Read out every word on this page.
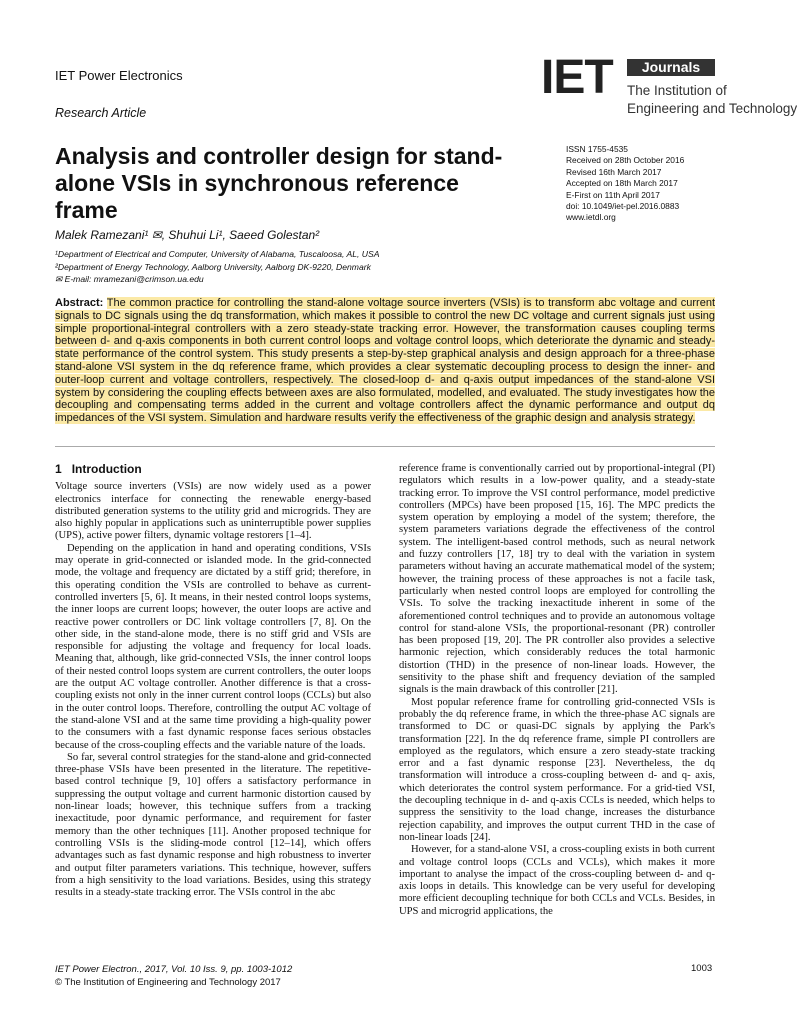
IET Power Electronics
Research Article
IET	Journals
The Institution of
Engineering and Technology
Analysis and controller design for stand-alone VSIs in synchronous reference frame
ISSN 1755-4535
Received on 28th October 2016
Revised 16th March 2017
Accepted on 18th March 2017
E-First on 11th April 2017
doi: 10.1049/iet-pel.2016.0883
www.ietdl.org
Malek Ramezani¹ ✉, Shuhui Li¹, Saeed Golestan²
¹Department of Electrical and Computer, University of Alabama, Tuscaloosa, AL, USA
²Department of Energy Technology, Aalborg University, Aalborg DK-9220, Denmark
✉ E-mail: mramezani@crimson.ua.edu
Abstract: The common practice for controlling the stand-alone voltage source inverters (VSIs) is to transform abc voltage and current signals to DC signals using the dq transformation, which makes it possible to control the new DC voltage and current signals just using simple proportional-integral controllers with a zero steady-state tracking error. However, the transformation causes coupling terms between d- and q-axis components in both current control loops and voltage control loops, which deteriorate the dynamic and steady-state performance of the control system. This study presents a step-by-step graphical analysis and design approach for a three-phase stand-alone VSI system in the dq reference frame, which provides a clear systematic decoupling process to design the inner- and outer-loop current and voltage controllers, respectively. The closed-loop d- and q-axis output impedances of the stand-alone VSI system by considering the coupling effects between axes are also formulated, modelled, and evaluated. The study investigates how the decoupling and compensating terms added in the current and voltage controllers affect the dynamic performance and output dq impedances of the VSI system. Simulation and hardware results verify the effectiveness of the graphic design and analysis strategy.
1 Introduction

Voltage source inverters (VSIs) are now widely used as a power electronics interface for connecting the renewable energy-based distributed generation systems to the utility grid and microgrids. They are also highly popular in applications such as uninterruptible power supplies (UPS), active power filters, dynamic voltage restorers [1–4].

Depending on the application in hand and operating conditions, VSIs may operate in grid-connected or islanded mode. In the grid-connected mode, the voltage and frequency are dictated by a stiff grid; therefore, in this operating condition the VSIs are controlled to behave as current-controlled inverters [5, 6]. It means, in their nested control loops systems, the inner loops are current loops; however, the outer loops are active and reactive power controllers or DC link voltage controllers [7, 8]. On the other side, in the stand-alone mode, there is no stiff grid and VSIs are responsible for adjusting the voltage and frequency for local loads. Meaning that, although, like grid-connected VSIs, the inner control loops of their nested control loops system are current controllers, the outer loops are the output AC voltage controller. Another difference is that a cross-coupling exists not only in the inner current control loops (CCLs) but also in the outer control loops. Therefore, controlling the output AC voltage of the stand-alone VSI and at the same time providing a high-quality power to the consumers with a fast dynamic response faces serious obstacles because of the cross-coupling effects and the variable nature of the loads.

So far, several control strategies for the stand-alone and grid-connected three-phase VSIs have been presented in the literature. The repetitive-based control technique [9, 10] offers a satisfactory performance in suppressing the output voltage and current harmonic distortion caused by non-linear loads; however, this technique suffers from a tracking inexactitude, poor dynamic performance, and requirement for faster memory than the other techniques [11]. Another proposed technique for controlling VSIs is the sliding-mode control [12–14], which offers advantages such as fast dynamic response and high robustness to inverter and output filter parameters variations. This technique, however, suffers from a high sensitivity to the load variations. Besides, using this strategy results in a steady-state tracking error. The VSIs control in the abc

reference frame is conventionally carried out by proportional-integral (PI) regulators which results in a low-power quality, and a steady-state tracking error. To improve the VSI control performance, model predictive controllers (MPCs) have been proposed [15, 16]. The MPC predicts the system operation by employing a model of the system; therefore, the system parameters variations degrade the effectiveness of the control system. The intelligent-based control methods, such as neural network and fuzzy controllers [17, 18] try to deal with the variation in system parameters without having an accurate mathematical model of the system; however, the training process of these approaches is not a facile task, particularly when nested control loops are employed for controlling the VSIs. To solve the tracking inexactitude inherent in some of the aforementioned control techniques and to provide an autonomous voltage control for stand-alone VSIs, the proportional-resonant (PR) controller has been proposed [19, 20]. The PR controller also provides a selective harmonic rejection, which considerably reduces the total harmonic distortion (THD) in the presence of non-linear loads. However, the sensitivity to the phase shift and frequency deviation of the sampled signals is the main drawback of this controller [21].

Most popular reference frame for controlling grid-connected VSIs is probably the dq reference frame, in which the three-phase AC signals are transformed to DC or quasi-DC signals by applying the Park's transformation [22]. In the dq reference frame, simple PI controllers are employed as the regulators, which ensure a zero steady-state tracking error and a fast dynamic response [23]. Nevertheless, the dq transformation will introduce a cross-coupling between d- and q- axis, which deteriorates the control system performance. For a grid-tied VSI, the decoupling technique in d- and q-axis CCLs is needed, which helps to suppress the sensitivity to the load change, increases the disturbance rejection capability, and improves the output current THD in the case of non-linear loads [24].

However, for a stand-alone VSI, a cross-coupling exists in both current and voltage control loops (CCLs and VCLs), which makes it more important to analyse the impact of the cross-coupling between d- and q-axis loops in details. This knowledge can be very useful for developing more efficient decoupling technique for both CCLs and VCLs. Besides, in UPS and microgrid applications, the

IET Power Electron., 2017, Vol. 10 Iss. 9, pp. 1003-1012
© The Institution of Engineering and Technology 2017
1003
